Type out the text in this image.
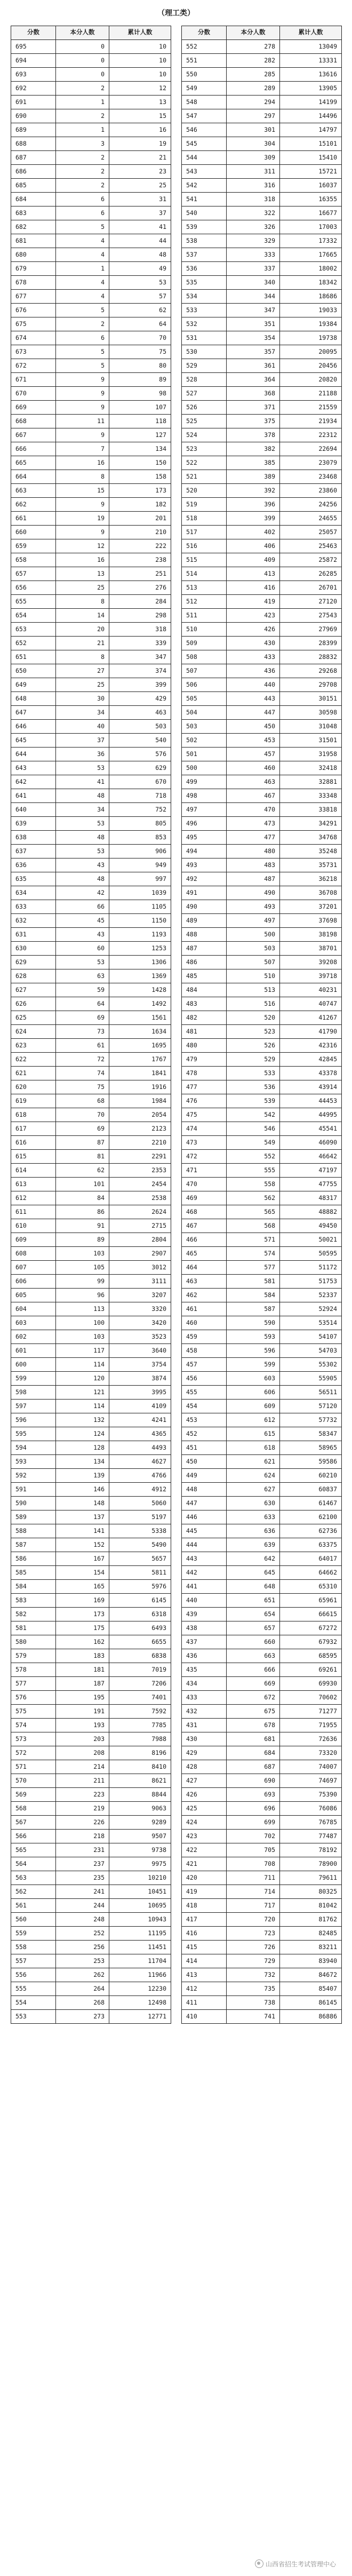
（理工类）
分数	本分人数	累计人数
695	0	10
694	0	10
693	0	10
692	2	12
691	1	13
690	2	15
689	1	16
688	3	19
687	2	21
686	2	23
685	2	25
684	6	31
683	6	37
682	5	41
681	4	44
680	4	48
679	1	49
678	4	53
677	4	57
676	5	62
675	2	64
674	6	70
673	5	75
672	5	80
671	9	89
670	9	98
669	9	107
668	11	118
667	9	127
666	7	134
665	16	150
664	8	158
663	15	173
662	9	182
661	19	201
660	9	210
659	12	222
658	16	238
657	13	251
656	25	276
655	8	284
654	14	298
653	20	318
652	21	339
651	8	347
650	27	374
649	25	399
648	30	429
647	34	463
646	40	503
645	37	540
644	36	576
643	53	629
642	41	670
641	48	718
640	34	752
639	53	805
638	48	853
637	53	906
636	43	949
635	48	997
634	42	1039
633	66	1105
632	45	1150
631	43	1193
630	60	1253
629	53	1306
628	63	1369
627	59	1428
626	64	1492
625	69	1561
624	73	1634
623	61	1695
622	72	1767
621	74	1841
620	75	1916
619	68	1984
618	70	2054
617	69	2123
616	87	2210
615	81	2291
614	62	2353
613	101	2454
612	84	2538
611	86	2624
610	91	2715
609	89	2804
608	103	2907
607	105	3012
606	99	3111
605	96	3207
604	113	3320
603	100	3420
602	103	3523
601	117	3640
600	114	3754
599	120	3874
598	121	3995
597	114	4109
596	132	4241
595	124	4365
594	128	4493
593	134	4627
592	139	4766
591	146	4912
590	148	5060
589	137	5197
588	141	5338
587	152	5490
586	167	5657
585	154	5811
584	165	5976
583	169	6145
582	173	6318
581	175	6493
580	162	6655
579	183	6838
578	181	7019
577	187	7206
576	195	7401
575	191	7592
574	193	7785
573	203	7988
572	208	8196
571	214	8410
570	211	8621
569	223	8844
568	219	9063
567	226	9289
566	218	9507
565	231	9738
564	237	9975
563	235	10210
562	241	10451
561	244	10695
560	248	10943
559	252	11195
558	256	11451
557	253	11704
556	262	11966
555	264	12230
554	268	12498
553	273	12771
分数	本分人数	累计人数
552	278	13049
551	282	13331
550	285	13616
549	289	13905
548	294	14199
547	297	14496
546	301	14797
545	304	15101
544	309	15410
543	311	15721
542	316	16037
541	318	16355
540	322	16677
539	326	17003
538	329	17332
537	333	17665
536	337	18002
535	340	18342
534	344	18686
533	347	19033
532	351	19384
531	354	19738
530	357	20095
529	361	20456
528	364	20820
527	368	21188
526	371	21559
525	375	21934
524	378	22312
523	382	22694
522	385	23079
521	389	23468
520	392	23860
519	396	24256
518	399	24655
517	402	25057
516	406	25463
515	409	25872
514	413	26285
513	416	26701
512	419	27120
511	423	27543
510	426	27969
509	430	28399
508	433	28832
507	436	29268
506	440	29708
505	443	30151
504	447	30598
503	450	31048
502	453	31501
501	457	31958
500	460	32418
499	463	32881
498	467	33348
497	470	33818
496	473	34291
495	477	34768
494	480	35248
493	483	35731
492	487	36218
491	490	36708
490	493	37201
489	497	37698
488	500	38198
487	503	38701
486	507	39208
485	510	39718
484	513	40231
483	516	40747
482	520	41267
481	523	41790
480	526	42316
479	529	42845
478	533	43378
477	536	43914
476	539	44453
475	542	44995
474	546	45541
473	549	46090
472	552	46642
471	555	47197
470	558	47755
469	562	48317
468	565	48882
467	568	49450
466	571	50021
465	574	50595
464	577	51172
463	581	51753
462	584	52337
461	587	52924
460	590	53514
459	593	54107
458	596	54703
457	599	55302
456	603	55905
455	606	56511
454	609	57120
453	612	57732
452	615	58347
451	618	58965
450	621	59586
449	624	60210
448	627	60837
447	630	61467
446	633	62100
445	636	62736
444	639	63375
443	642	64017
442	645	64662
441	648	65310
440	651	65961
439	654	66615
438	657	67272
437	660	67932
436	663	68595
435	666	69261
434	669	69930
433	672	70602
432	675	71277
431	678	71955
430	681	72636
429	684	73320
428	687	74007
427	690	74697
426	693	75390
425	696	76086
424	699	76785
423	702	77487
422	705	78192
421	708	78900
420	711	79611
419	714	80325
418	717	81042
417	720	81762
416	723	82485
415	726	83211
414	729	83940
413	732	84672
412	735	85407
411	738	86145
410	741	86886
山西省招生考试管理中心
